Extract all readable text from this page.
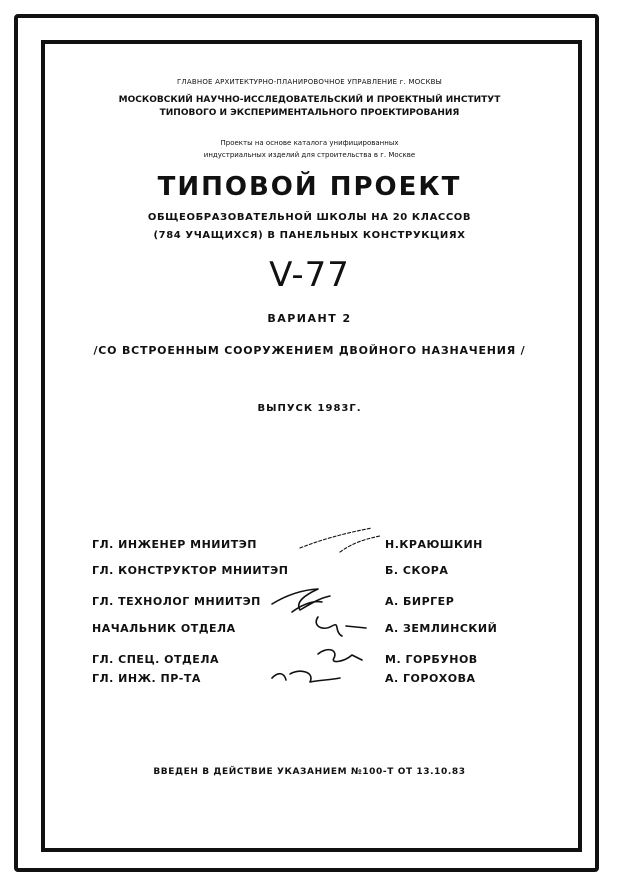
ГЛАВНОЕ АРХИТЕКТУРНО-ПЛАНИРОВОЧНОЕ УПРАВЛЕНИЕ г. МОСКВЫ
МОСКОВСКИЙ НАУЧНО-ИССЛЕДОВАТЕЛЬСКИЙ И ПРОЕКТНЫЙ ИНСТИТУТ
ТИПОВОГО И ЭКСПЕРИМЕНТАЛЬНОГО ПРОЕКТИРОВАНИЯ
Проекты на основе каталога унифицированных
индустриальных изделий для строительства в г. Москве
ТИПОВОЙ ПРОЕКТ
ОБЩЕОБРАЗОВАТЕЛЬНОЙ ШКОЛЫ НА 20 КЛАССОВ
(784 УЧАЩИХСЯ) В ПАНЕЛЬНЫХ КОНСТРУКЦИЯХ
V-77
ВАРИАНТ 2
/СО ВСТРОЕННЫМ СООРУЖЕНИЕМ ДВОЙНОГО НАЗНАЧЕНИЯ /
ВЫПУСК 1983Г.
ГЛ. ИНЖЕНЕР МНИИТЭП	Н.КРАЮШКИН
ГЛ. КОНСТРУКТОР МНИИТЭП	Б. СКОРА
ГЛ. ТЕХНОЛОГ МНИИТЭП	А. БИРГЕР
НАЧАЛЬНИК ОТДЕЛА	А. ЗЕМЛИНСКИЙ
ГЛ. СПЕЦ. ОТДЕЛА	М. ГОРБУНОВ
ГЛ. ИНЖ. ПР-ТА	А. ГОРОХОВА
ВВЕДЕН В ДЕЙСТВИЕ УКАЗАНИЕМ №100-Т ОТ 13.10.83
